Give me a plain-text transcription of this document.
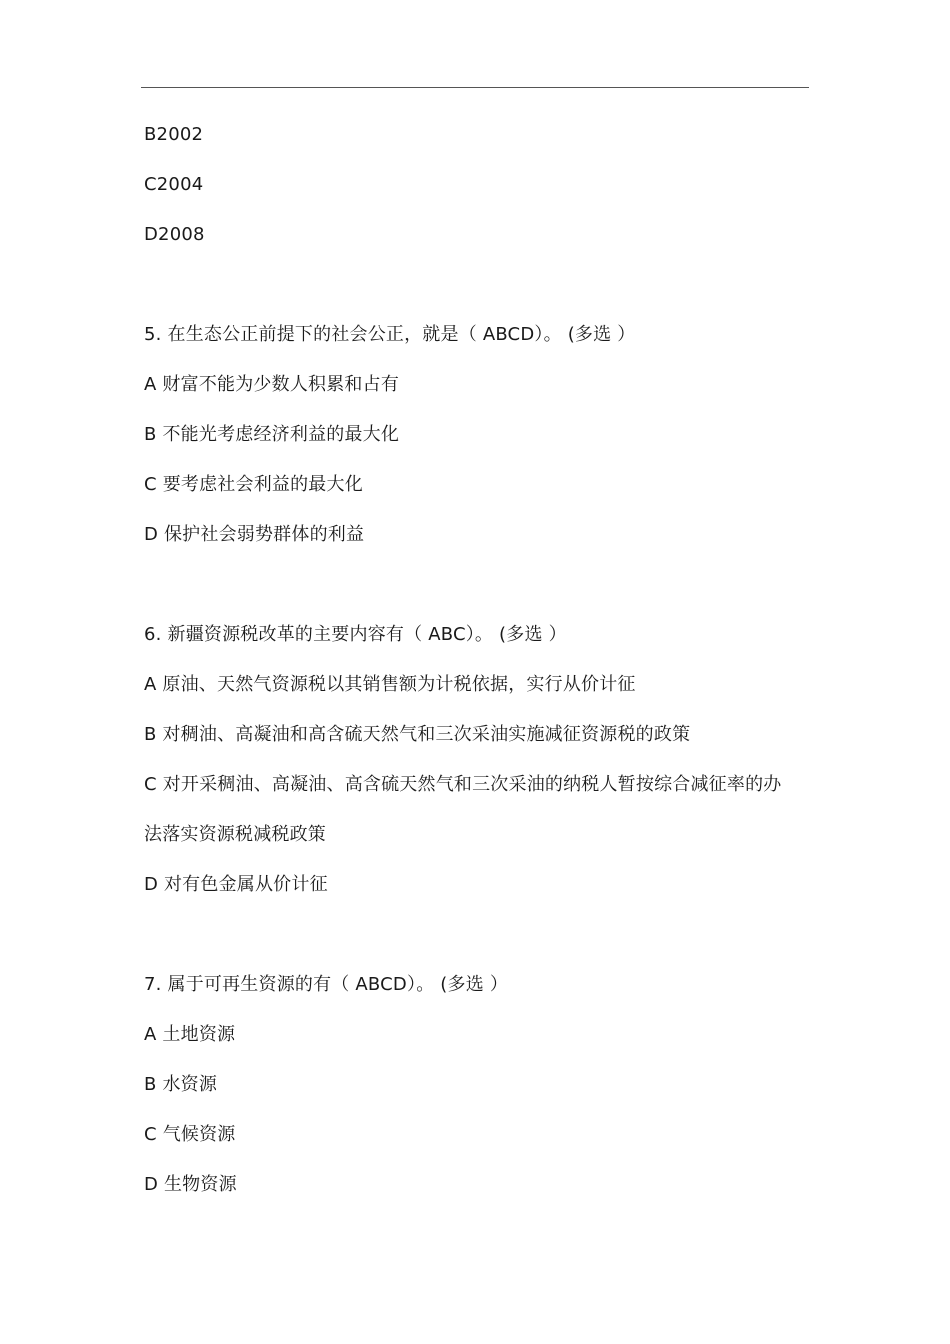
B2002
C2004
D2008
5. 在生态公正前提下的社会公正，就是（ ABCD）。 (多选 ）
A 财富不能为少数人积累和占有
B 不能光考虑经济利益的最大化
C 要考虑社会利益的最大化
D 保护社会弱势群体的利益
6. 新疆资源税改革的主要内容有（ ABC）。 (多选 ）
A 原油、天然气资源税以其销售额为计税依据，实行从价计征
B 对稠油、高凝油和高含硫天然气和三次采油实施减征资源税的政策
C 对开采稠油、高凝油、高含硫天然气和三次采油的纳税人暂按综合减征率的办
法落实资源税减税政策
D 对有色金属从价计征
7. 属于可再生资源的有（ ABCD）。 (多选 ）
A 土地资源
B 水资源
C 气候资源
D 生物资源
